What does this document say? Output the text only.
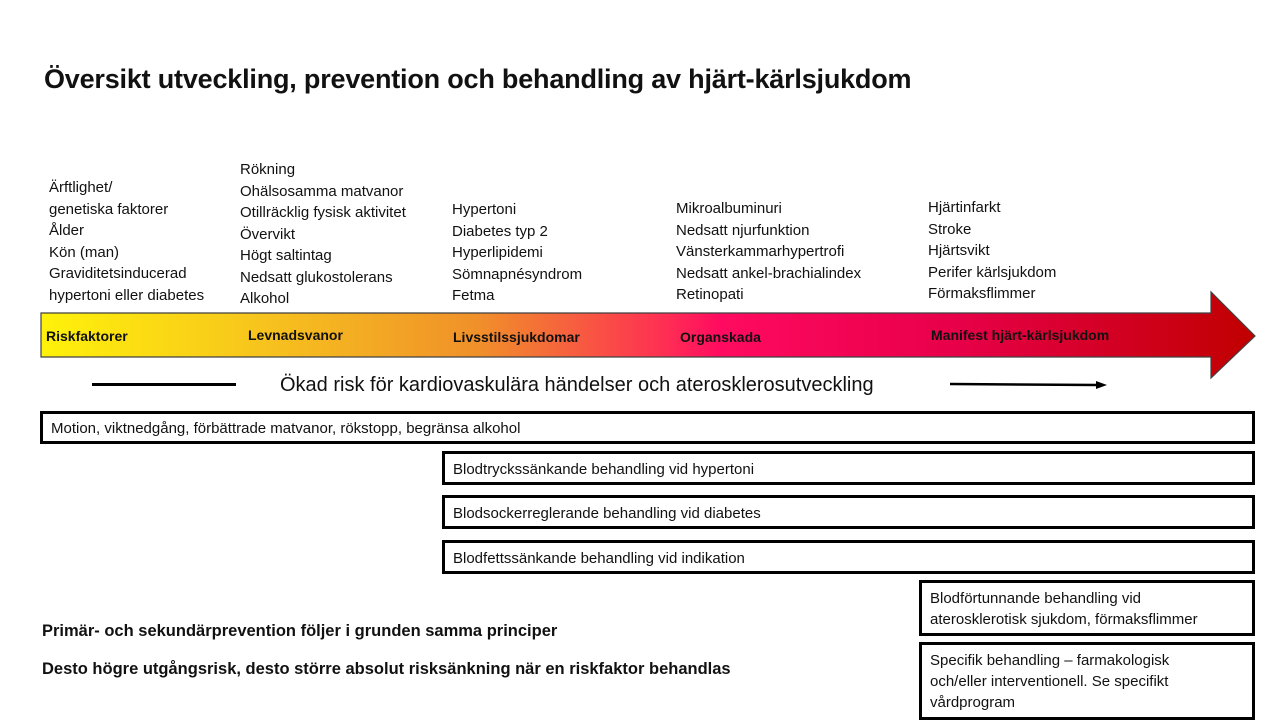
Översikt utveckling, prevention och behandling av hjärt-kärlsjukdom
Ärftlighet/
genetiska faktorer
Ålder
Kön (man)
Graviditetsinducerad
hypertoni eller diabetes
Rökning
Ohälsosamma matvanor
Otillräcklig fysisk aktivitet
Övervikt
Högt saltintag
Nedsatt glukostolerans
Alkohol
Hypertoni
Diabetes typ 2
Hyperlipidemi
Sömnapnésyndrom
Fetma
Mikroalbuminuri
Nedsatt njurfunktion
Vänsterkammarhypertrofi
Nedsatt ankel-brachialindex
Retinopati
Hjärtinfarkt
Stroke
Hjärtsvikt
Perifer kärlsjukdom
Förmaksflimmer
Riskfaktorer	Levnadsvanor	Livsstilssjukdomar	Organskada	Manifest hjärt-kärlsjukdom
Ökad risk för kardiovaskulära händelser och aterosklerosutveckling
Motion, viktnedgång, förbättrade matvanor, rökstopp, begränsa alkohol
Blodtryckssänkande behandling vid hypertoni
Blodsockerreglerande behandling vid diabetes
Blodfettssänkande behandling vid indikation
Blodförtunnande behandling vid
aterosklerotisk sjukdom, förmaksflimmer
Specifik behandling – farmakologisk
och/eller interventionell. Se specifikt
vårdprogram
Primär- och sekundärprevention följer i grunden samma principer
Desto högre utgångsrisk, desto större absolut risksänkning när en riskfaktor behandlas
